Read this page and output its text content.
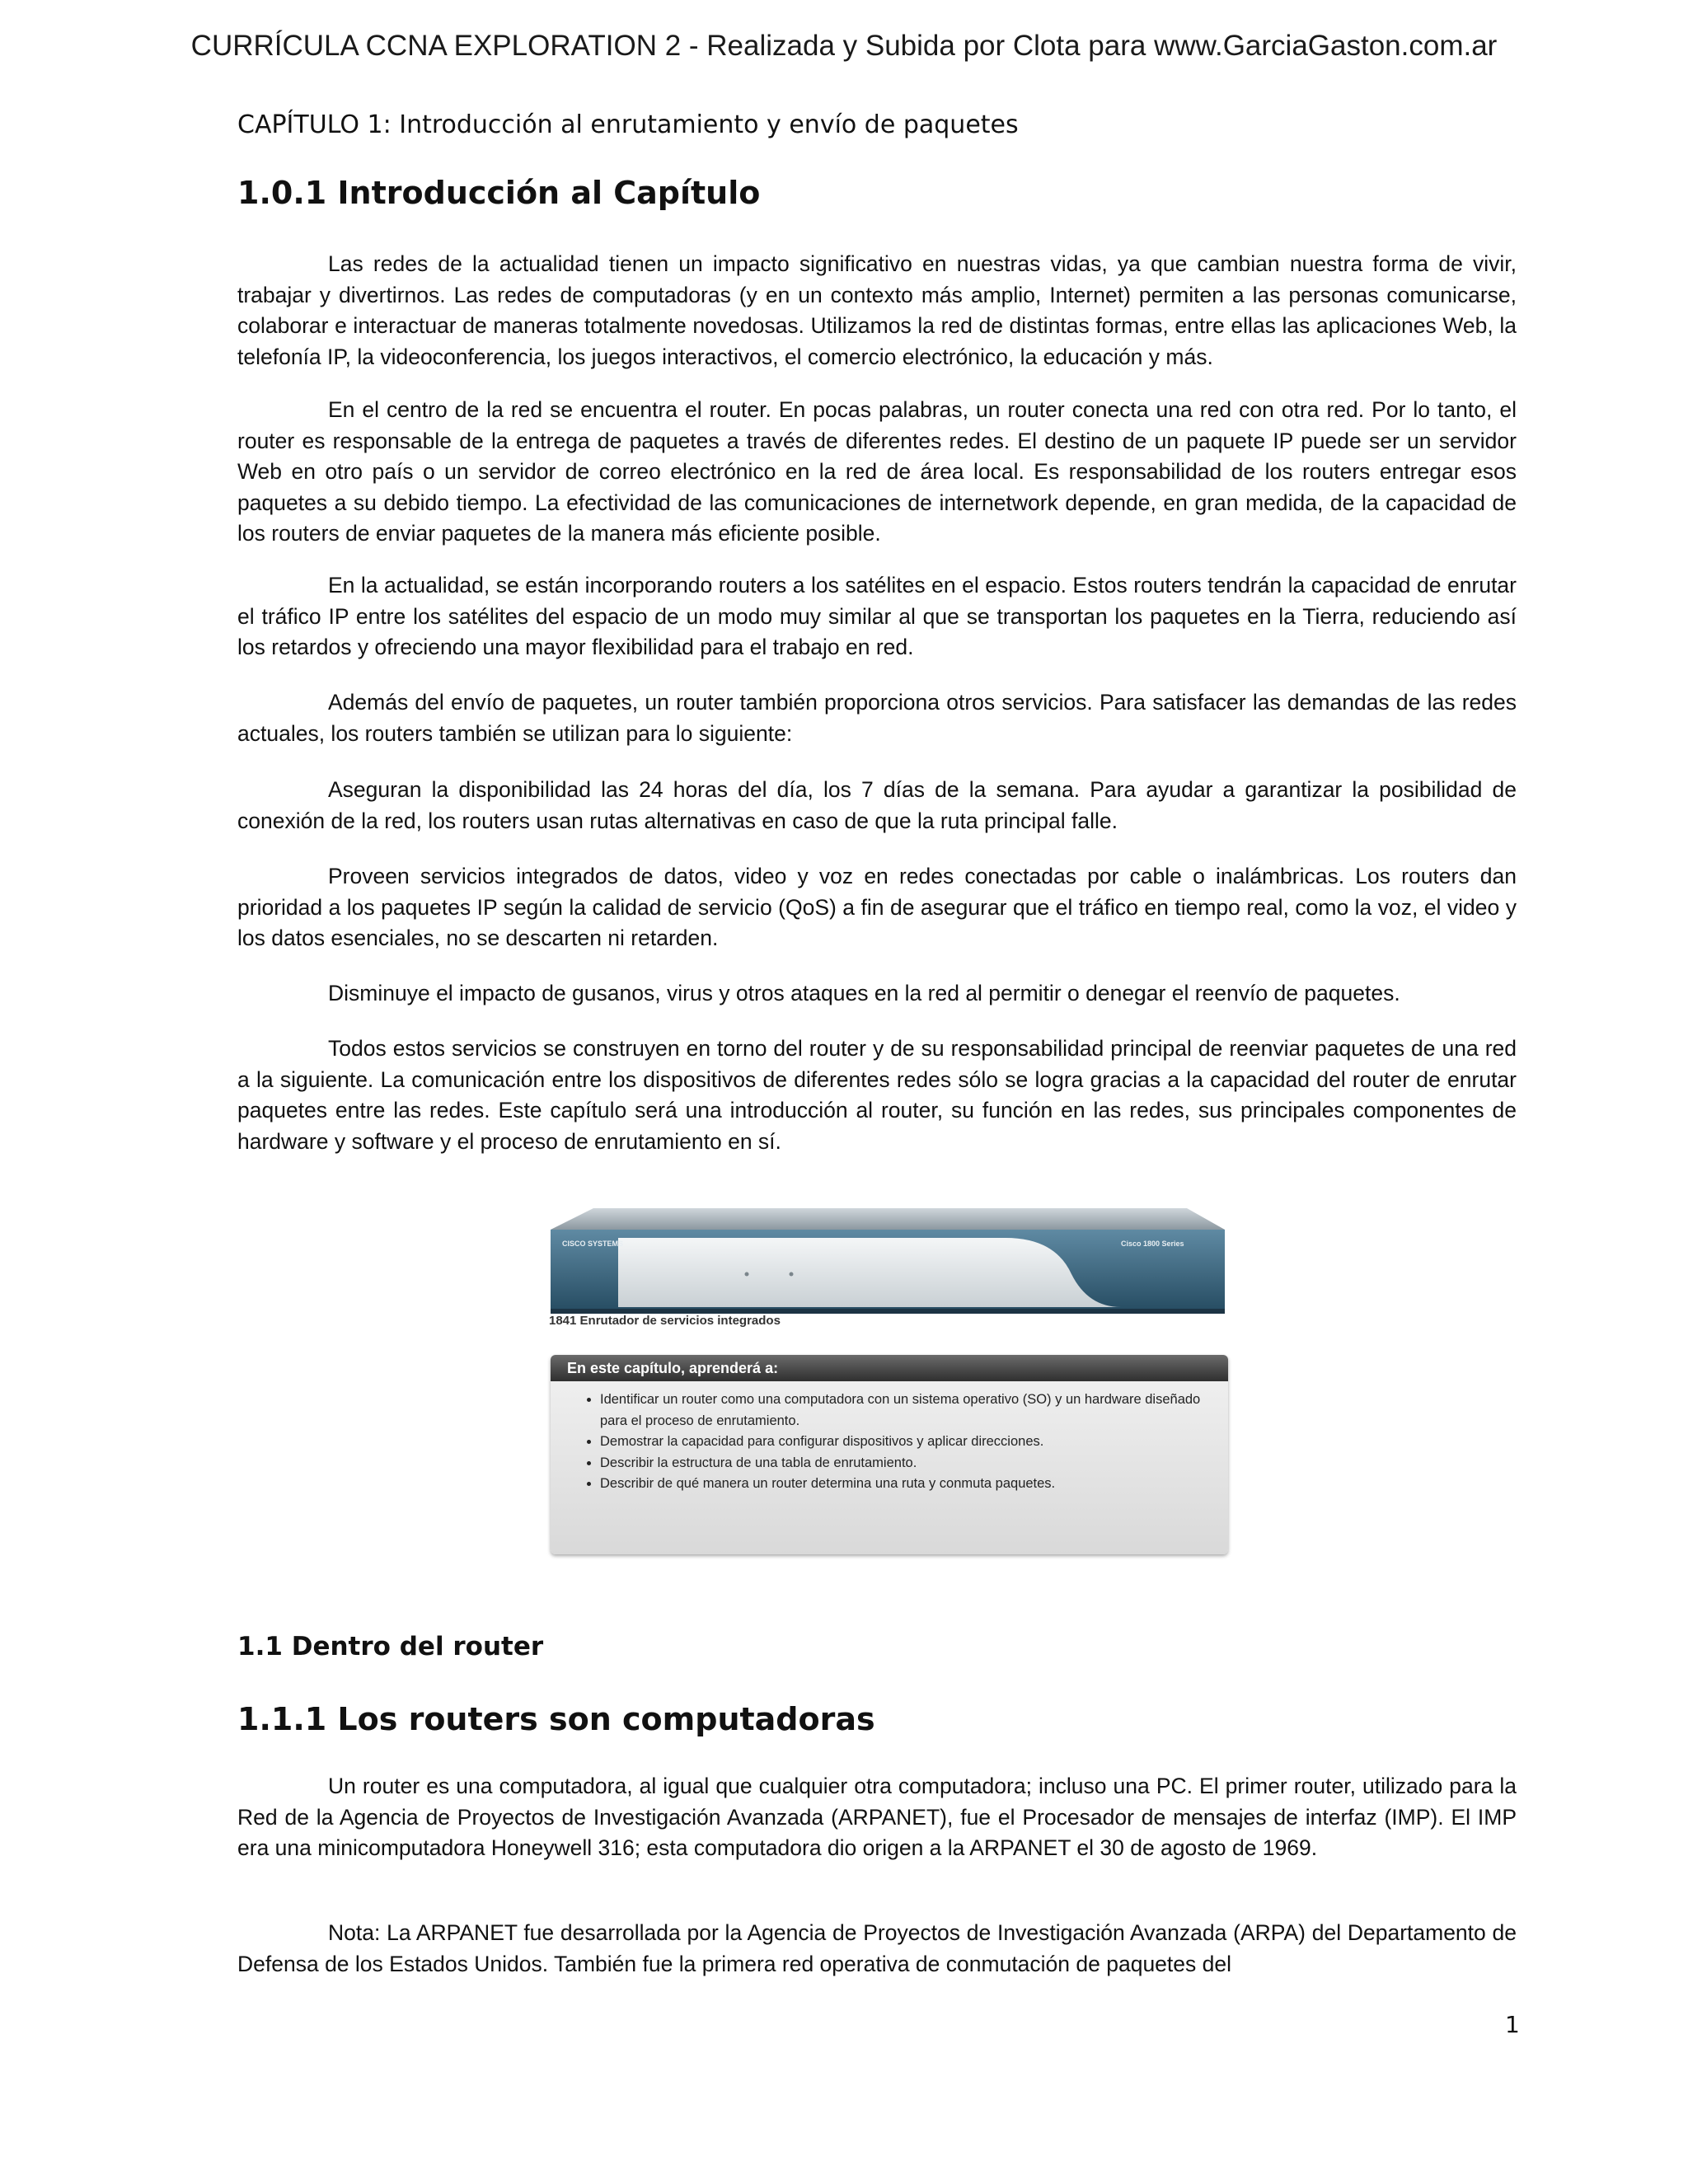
CURRÍCULA CCNA EXPLORATION 2 - Realizada y Subida por Clota para www.GarciaGaston.com.ar
CAPÍTULO 1: Introducción al enrutamiento y envío de paquetes
1.0.1 Introducción al Capítulo

Las redes de la actualidad tienen un impacto significativo en nuestras vidas, ya que cambian nuestra forma de vivir, trabajar y divertirnos. Las redes de computadoras (y en un contexto más amplio, Internet) permiten a las personas comunicarse, colaborar e interactuar de maneras totalmente novedosas. Utilizamos la red de distintas formas, entre ellas las aplicaciones Web, la telefonía IP, la videoconferencia, los juegos interactivos, el comercio electrónico, la educación y más.

En el centro de la red se encuentra el router. En pocas palabras, un router conecta una red con otra red. Por lo tanto, el router es responsable de la entrega de paquetes a través de diferentes redes. El destino de un paquete IP puede ser un servidor Web en otro país o un servidor de correo electrónico en la red de área local. Es responsabilidad de los routers entregar esos paquetes a su debido tiempo. La efectividad de las comunicaciones de internetwork depende, en gran medida, de la capacidad de los routers de enviar paquetes de la manera más eficiente posible.

En la actualidad, se están incorporando routers a los satélites en el espacio. Estos routers tendrán la capacidad de enrutar el tráfico IP entre los satélites del espacio de un modo muy similar al que se transportan los paquetes en la Tierra, reduciendo así los retardos y ofreciendo una mayor flexibilidad para el trabajo en red.

Además del envío de paquetes, un router también proporciona otros servicios. Para satisfacer las demandas de las redes actuales, los routers también se utilizan para lo siguiente:

Aseguran la disponibilidad las 24 horas del día, los 7 días de la semana. Para ayudar a garantizar la posibilidad de conexión de la red, los routers usan rutas alternativas en caso de que la ruta principal falle.

Proveen servicios integrados de datos, video y voz en redes conectadas por cable o inalámbricas. Los routers dan prioridad a los paquetes IP según la calidad de servicio (QoS) a fin de asegurar que el tráfico en tiempo real, como la voz, el video y los datos esenciales, no se descarten ni retarden.

Disminuye el impacto de gusanos, virus y otros ataques en la red al permitir o denegar el reenvío de paquetes.

Todos estos servicios se construyen en torno del router y de su responsabilidad principal de reenviar paquetes de una red a la siguiente. La comunicación entre los dispositivos de diferentes redes sólo se logra gracias a la capacidad del router de enrutar paquetes entre las redes. Este capítulo será una introducción al router, su función en las redes, sus principales componentes de hardware y software y el proceso de enrutamiento en sí.

CISCO SYSTEMS	Cisco 1800 Series
1841 Enrutador de servicios integrados
En este capítulo, aprenderá a:
• Identificar un router como una computadora con un sistema operativo (SO) y un hardware diseñado para el proceso de enrutamiento.
• Demostrar la capacidad para configurar dispositivos y aplicar direcciones.
• Describir la estructura de una tabla de enrutamiento.
• Describir de qué manera un router determina una ruta y conmuta paquetes.
1.1 Dentro del router
1.1.1 Los routers son computadoras

Un router es una computadora, al igual que cualquier otra computadora; incluso una PC. El primer router, utilizado para la Red de la Agencia de Proyectos de Investigación Avanzada (ARPANET), fue el Procesador de mensajes de interfaz (IMP). El IMP era una minicomputadora Honeywell 316; esta computadora dio origen a la ARPANET el 30 de agosto de 1969.

Nota: La ARPANET fue desarrollada por la Agencia de Proyectos de Investigación Avanzada (ARPA) del Departamento de Defensa de los Estados Unidos. También fue la primera red operativa de conmutación de paquetes del

1
